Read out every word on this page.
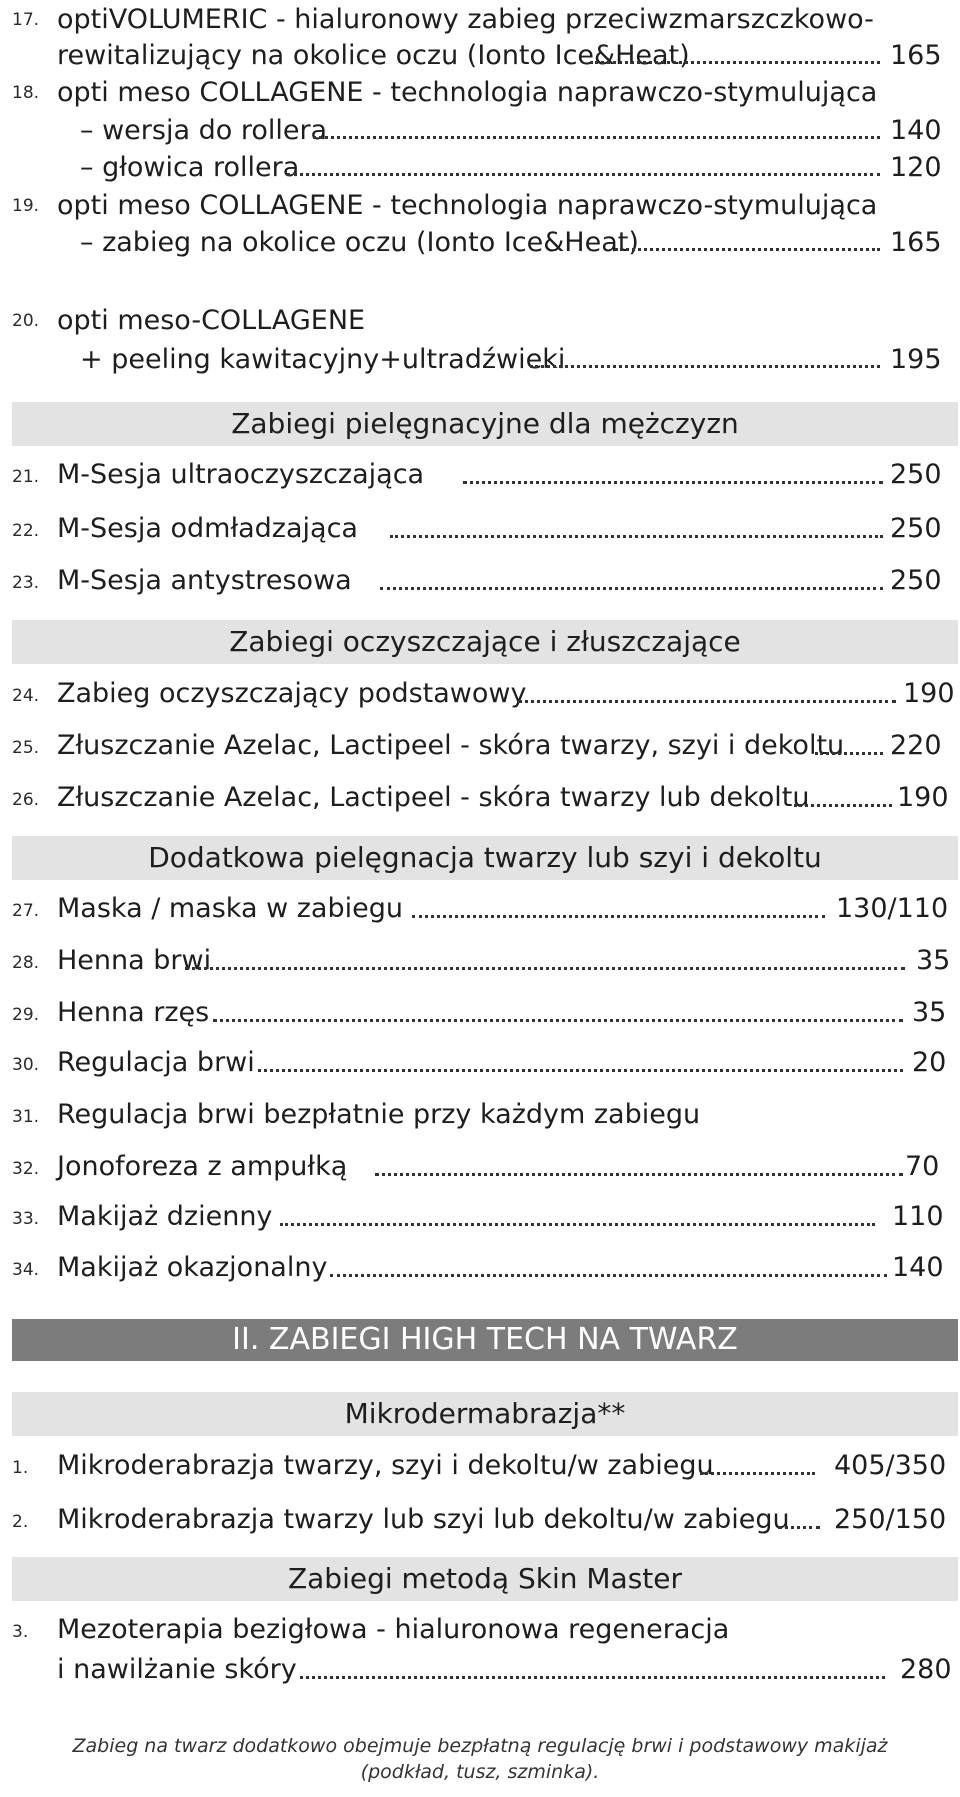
17. optiVOLUMERIC - hialuronowy zabieg przeciwzmarszczkowo-
rewitalizujący na okolice oczu (Ionto Ice&Heat)	165
18. opti meso COLLAGENE - technologia naprawczo-stymulująca
– wersja do rollera	140
– głowica rollera	120
19. opti meso COLLAGENE - technologia naprawczo-stymulująca
– zabieg na okolice oczu (Ionto Ice&Heat)	165
20. opti meso-COLLAGENE
+ peeling kawitacyjny+ultradźwieki	195
Zabiegi pielęgnacyjne dla mężczyzn
21. M-Sesja ultraoczyszczająca	250
22. M-Sesja odmładzająca	250
23. M-Sesja antystresowa	250
Zabiegi oczyszczające i złuszczające
24. Zabieg oczyszczający podstawowy	190
25. Złuszczanie Azelac, Lactipeel - skóra twarzy, szyi i dekoltu 220
26. Złuszczanie Azelac, Lactipeel - skóra twarzy lub dekoltu	190
Dodatkowa pielęgnacja twarzy lub szyi i dekoltu
27. Maska / maska w zabiegu	130/110
28. Henna brwi	35
29. Henna rzęs	35
30. Regulacja brwi	20
31. Regulacja brwi bezpłatnie przy każdym zabiegu
32. Jonoforeza z ampułką	70
33. Makijaż dzienny	110
34. Makijaż okazjonalny	140
II. ZABIEGI HIGH TECH NA TWARZ
Mikrodermabrazja**
1. Mikroderabrazja twarzy, szyi i dekoltu/w zabiegu	405/350
2. Mikroderabrazja twarzy lub szyi lub dekoltu/w zabiegu 250/150
Zabiegi metodą Skin Master
3. Mezoterapia bezigłowa - hialuronowa regeneracja
i nawilżanie skóry	280
Zabieg na twarz dodatkowo obejmuje bezpłatną regulację brwi i podstawowy makijaż
(podkład, tusz, szminka).
